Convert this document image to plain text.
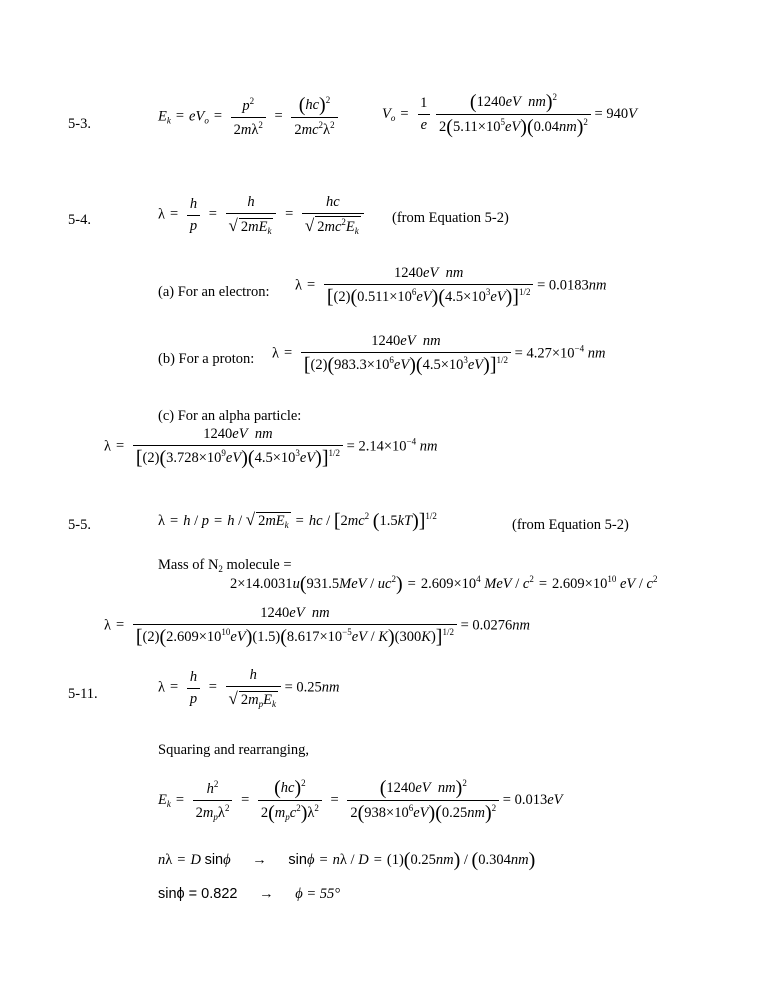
5-3.	$E_k = eV_o = \frac{p^2}{2m\lambda^2} = \frac{(hc)^2}{2mc^2\lambda^2}$	$V_o = \frac{1}{e}$
$\frac{(1240eV nm)^2}{2(5.11\times 10^5eV)(0.04nm)^2} = 940V$
5-4.	$\lambda = \frac{h}{p} = \frac{h}{√ 2mE_k} = \frac{hc}{√ 2mc^2E_k}$ (from Equation 5-2)
(a) For an electron: $\lambda = \frac{\text{1240eV nm}}{[(2)(0.511\times 10^6eV)(4.5\times 10^3eV)]^{1/2}} = 0.0183nm$
(b) For a proton: $\lambda = \frac{\text{1240eV nm}}{[(2)(983.3\times 10^6eV)(4.5\times 10^3eV)]^{1/2}} = 4.27\times 10^{-4}$ nm
(c) For an alpha particle:
$\lambda = \frac{\text{1240eV nm}}{[(2)(3.728\times 10^9eV)(4.5\times 10^3eV)]^{1/2}} = 2.14\times 10^{-4}$ nm
5-5.	λ = h / p = h / √ $2mE_k$ = hc / [$2mc^2$ (1.5kT)]$^{1/2}$
(from Equation 5-2)
Mass of $N_2$ molecule =
$2\times 14.0031u(931.5MeV / uc^2) = 2.609\times 10^4$ MeV / $c^2 = 2.609\times 10^{10}$ eV / $c^2$
$\lambda = \frac{\text{1240eV nm}}{[(2)(2.609\times 10^{10}eV)(1.5)(8.617\times 10^{-5}eV / K)(300K)]^{1/2}} = 0.0276nm$
5-11.	$\lambda = \frac{h}{p} = \frac{h}{√ 2m_pE_k} = 0.25nm$
Squaring and rearranging,
$E_k = \frac{h^2}{2m_p\lambda^2} = \frac{(hc)^2}{2(m_pc^2)\lambda^2} = \frac{(1240eV nm)^2}{2(938\times 10^6eV)(0.25nm)^2} = 0.013eV$
nλ = D sinϕ → sinϕ = nλ / D = (1)(0.25nm) / (0.304nm)
sinϕ = 0.822 → ϕ = 55°
